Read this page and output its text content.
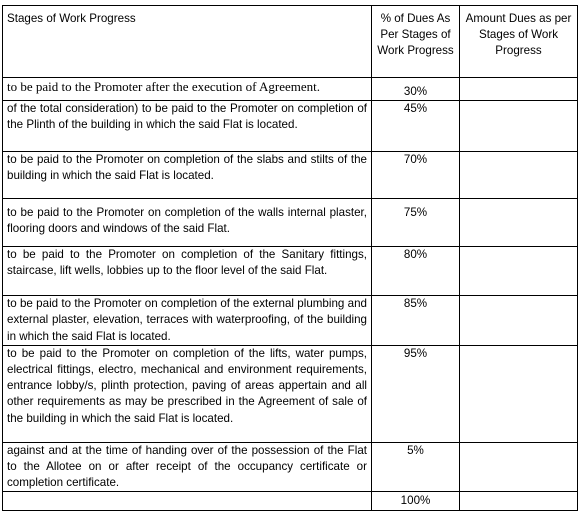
Stages of Work Progress	% of Dues As Per Stages of Work Progress	Amount Dues as per Stages of Work Progress
to be paid to the Promoter after the execution of Agreement.	30%	
of the total consideration) to be paid to the Promoter on completion of the Plinth of the building in which the said Flat is located.	45%	
to be paid to the Promoter on completion of the slabs and stilts of the building in which the said Flat is located.	70%	
to be paid to the Promoter on completion of the walls internal plaster, flooring doors and windows of the said Flat.	75%	
to be paid to the Promoter on completion of the Sanitary fittings, staircase, lift wells, lobbies up to the floor level of the said Flat.	80%	
to be paid to the Promoter on completion of the external plumbing and external plaster, elevation, terraces with waterproofing, of the building in which the said Flat is located.	85%	
to be paid to the Promoter on completion of the lifts, water pumps, electrical fittings, electro, mechanical and environment requirements, entrance lobby/s, plinth protection, paving of areas appertain and all other requirements as may be prescribed in the Agreement of sale of the building in which the said Flat is located.	95%	
against and at the time of handing over of the possession of the Flat to the Allotee on or after receipt of the occupancy certificate or completion certificate.	5%	
	100%	
